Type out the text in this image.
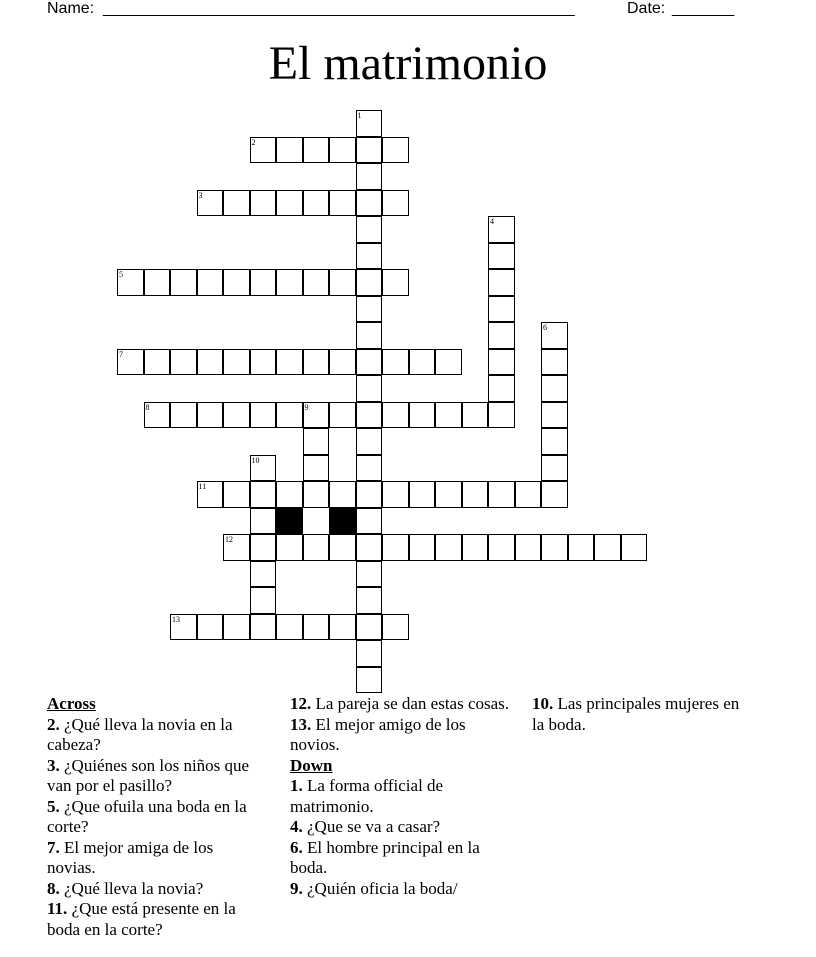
Name: _____________________________________________________	Date: _______
El matrimonio
1
2
3
4
5
6
7
8	9
10
11
12
13
Across

2. ¿Qué lleva la novia en la cabeza?

3. ¿Quiénes son los niños que van por el pasillo?

5. ¿Que ofuila una boda en la corte?

7. El mejor amiga de los novias.

8. ¿Qué lleva la novia?

11. ¿Que está presente en la boda en la corte?

12. La pareja se dan estas cosas.

13. El mejor amigo de los novios.

Down

1. La forma official de matrimonio.

4. ¿Que se va a casar?

6. El hombre principal en la boda.

9. ¿Quién oficia la boda/

10. Las principales mujeres en la boda.
